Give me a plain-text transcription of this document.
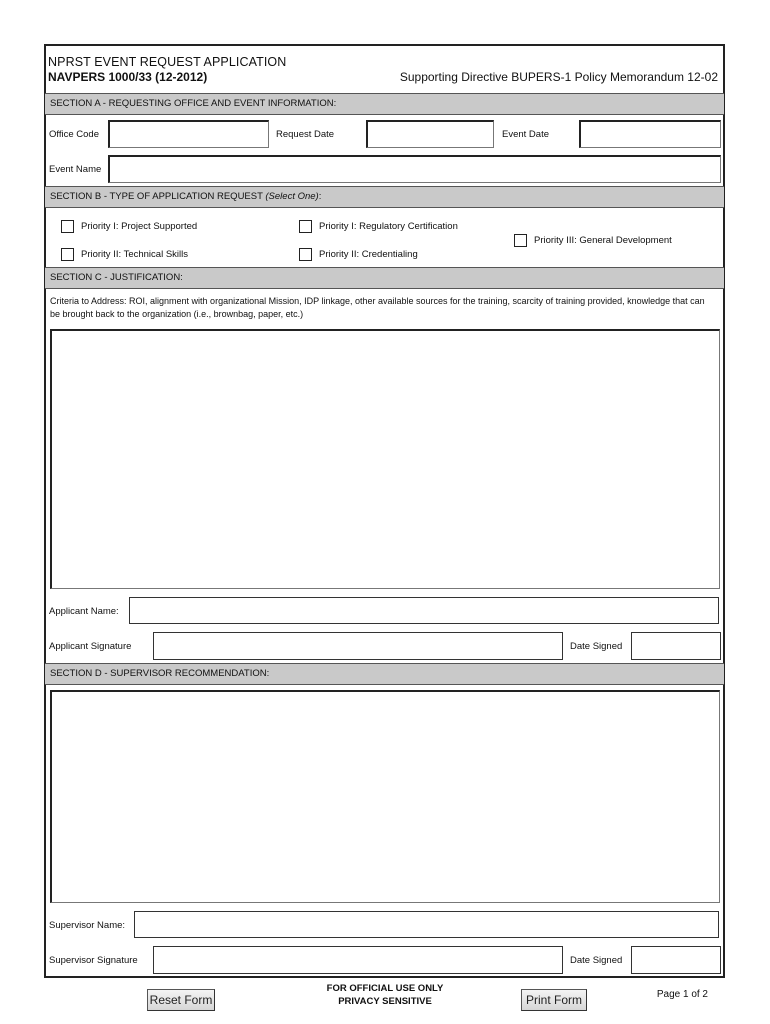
NPRST EVENT REQUEST APPLICATION
NAVPERS 1000/33 (12-2012)	Supporting Directive BUPERS-1 Policy Memorandum 12-02
SECTION A - REQUESTING OFFICE AND EVENT INFORMATION:
Office Code	Request Date	Event Date
Event Name
SECTION B - TYPE OF APPLICATION REQUEST (Select One):
Priority I: Project Supported	Priority I: Regulatory Certification
Priority III: General Development
Priority II: Technical Skills	Priority II: Credentialing
SECTION C - JUSTIFICATION:
Criteria to Address: ROI, alignment with organizational Mission, IDP linkage, other available sources for the training, scarcity of training provided, knowledge that can be brought back to the organization (i.e., brownbag, paper, etc.)
Applicant Name:
Applicant Signature	Date Signed
SECTION D - SUPERVISOR RECOMMENDATION:
Supervisor Name:
Supervisor Signature	Date Signed
Reset Form
FOR OFFICIAL USE ONLY
PRIVACY SENSITIVE	Print Form	Page 1 of 2
